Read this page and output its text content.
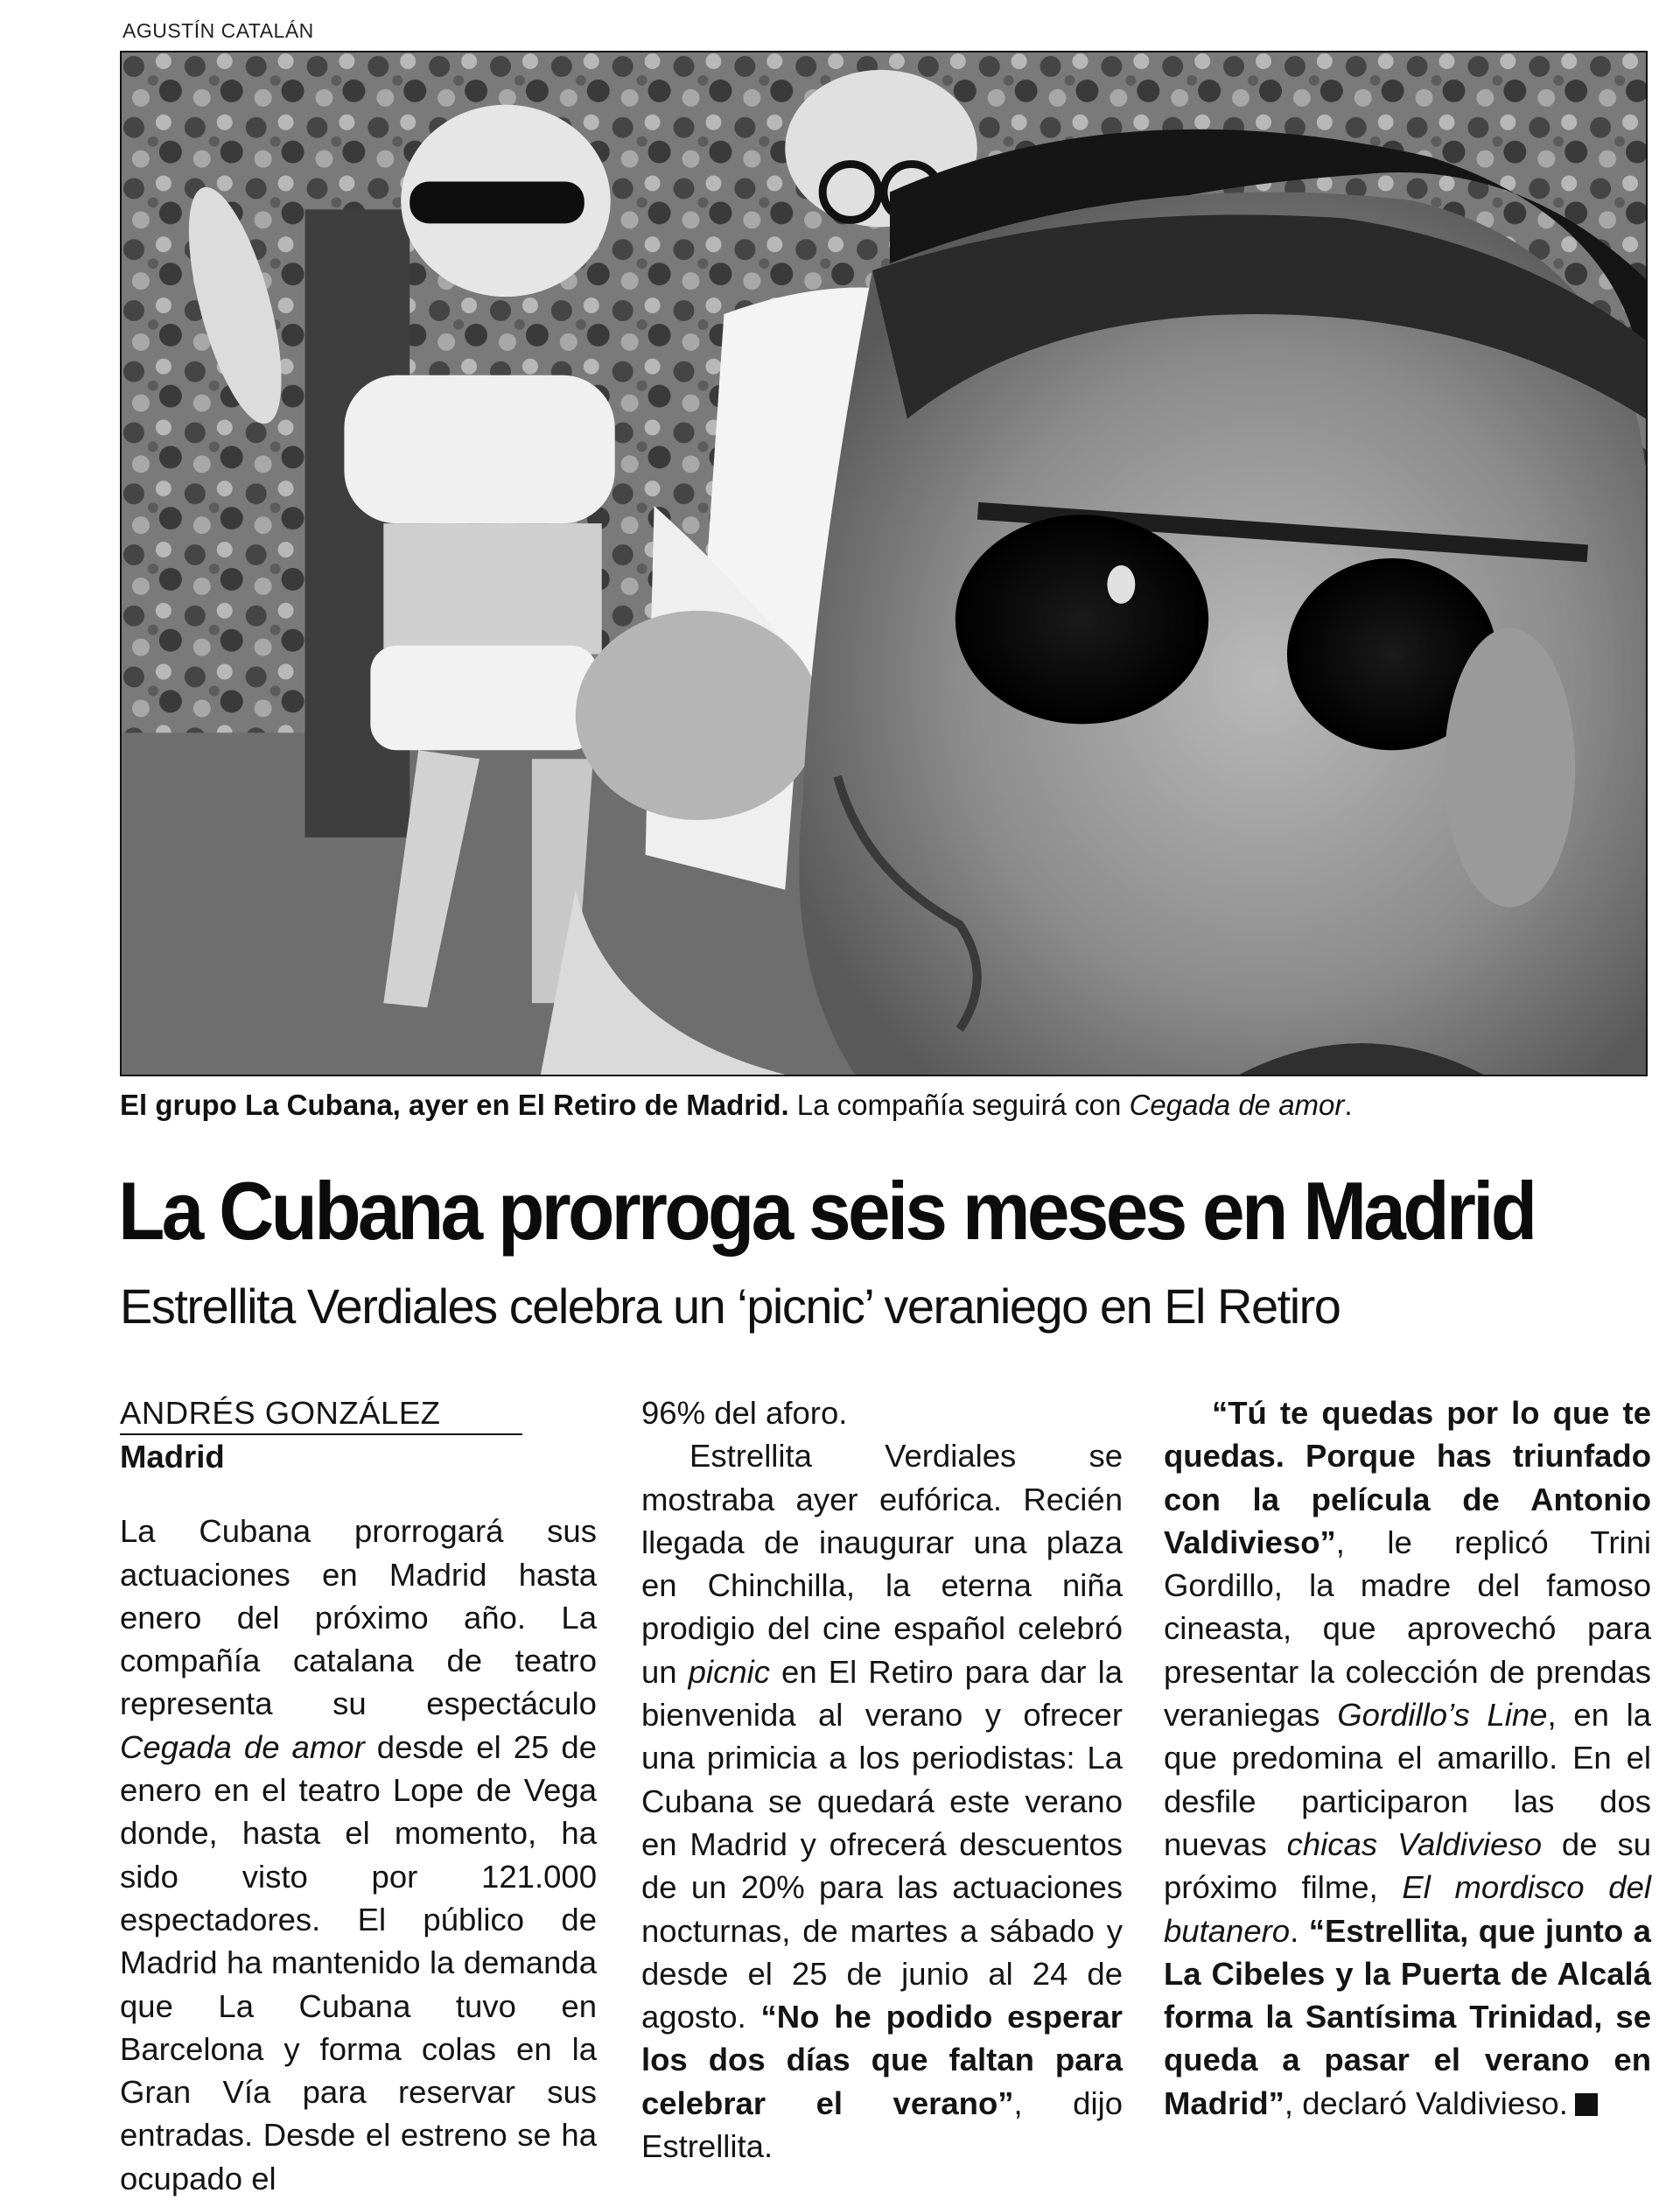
AGUSTÍN CATALÁN
El grupo La Cubana, ayer en El Retiro de Madrid. La compañía seguirá con Cegada de amor.
La Cubana prorroga seis meses en Madrid
Estrellita Verdiales celebra un ‘picnic’ veraniego en El Retiro
ANDRÉS GONZÁLEZ
Madrid

La Cubana prorrogará sus actuaciones en Madrid hasta enero del próximo año. La compañía catalana de teatro representa su espectáculo Cegada de amor desde el 25 de enero en el teatro Lope de Vega donde, hasta el momento, ha sido visto por 121.000 espectadores. El público de Madrid ha mantenido la demanda que La Cubana tuvo en Barcelona y forma colas en la Gran Vía para reservar sus entradas. Desde el estreno se ha ocupado el

96% del aforo.

Estrellita Verdiales se mostraba ayer eufórica. Recién llegada de inaugurar una plaza en Chinchilla, la eterna niña prodigio del cine español celebró un picnic en El Retiro para dar la bienvenida al verano y ofrecer una primicia a los periodistas: La Cubana se quedará este verano en Madrid y ofrecerá descuentos de un 20% para las actuaciones nocturnas, de martes a sábado y desde el 25 de junio al 24 de agosto. “No he podido esperar los dos días que faltan para celebrar el verano”, dijo Estrellita.

“Tú te quedas por lo que te quedas. Porque has triunfado con la película de Antonio Valdivieso”, le replicó Trini Gordillo, la madre del famoso cineasta, que aprovechó para presentar la colección de prendas veraniegas Gordillo’s Line, en la que predomina el amarillo. En el desfile participaron las dos nuevas chicas Valdivieso de su próximo filme, El mordisco del butanero. “Estrellita, que junto a La Cibeles y la Puerta de Alcalá forma la Santísima Trinidad, se queda a pasar el verano en Madrid”, declaró Valdivieso.
